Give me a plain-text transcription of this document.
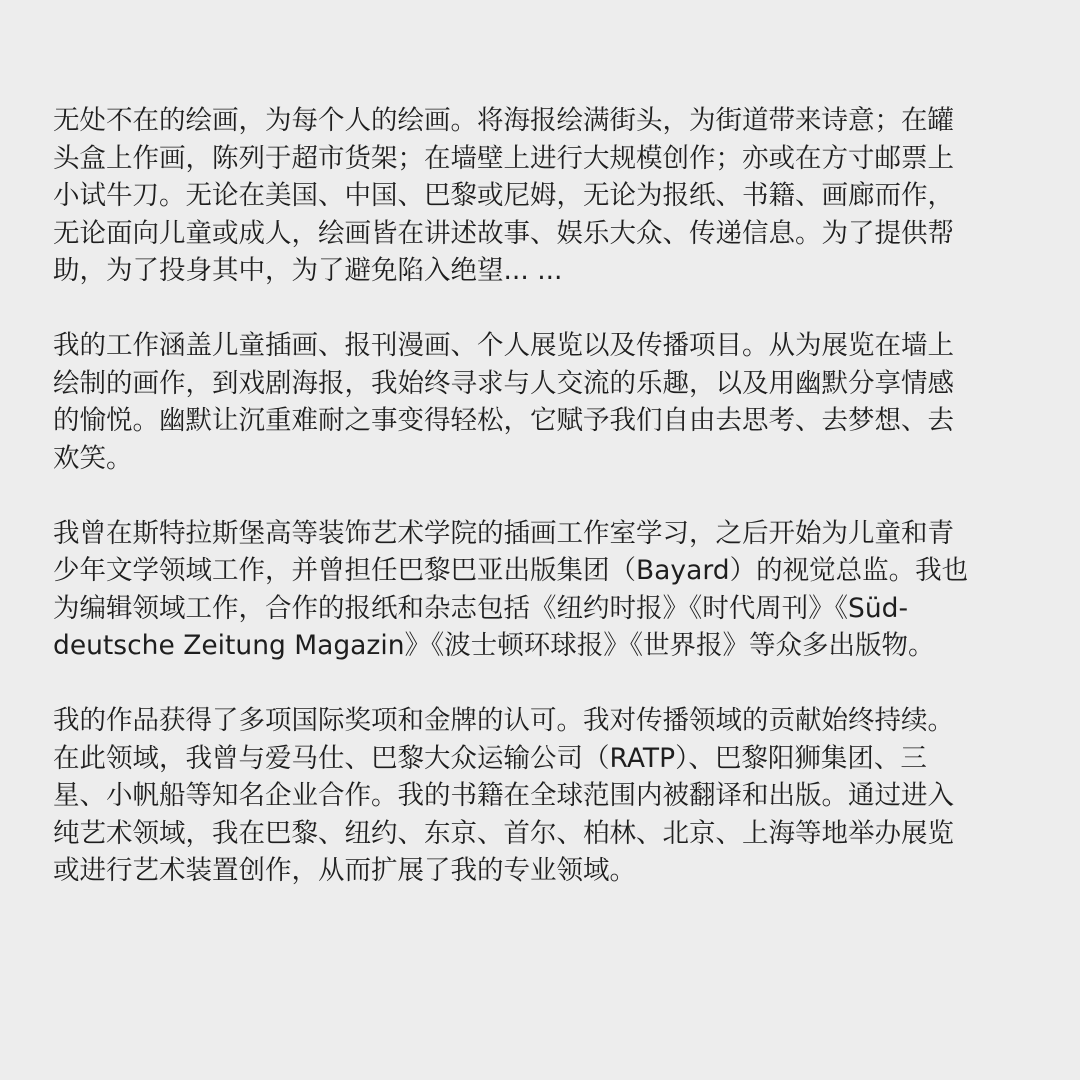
无处不在的绘画，为每个人的绘画。将海报绘满街头，为街道带来诗意；在罐
头盒上作画，陈列于超市货架；在墙壁上进行大规模创作；亦或在方寸邮票上
小试牛刀。无论在美国、中国、巴黎或尼姆，无论为报纸、书籍、画廊而作，
无论面向儿童或成人，绘画皆在讲述故事、娱乐大众、传递信息。为了提供帮
助，为了投身其中，为了避免陷入绝望... ...

我的工作涵盖儿童插画、报刊漫画、个人展览以及传播项目。从为展览在墙上
绘制的画作，到戏剧海报，我始终寻求与人交流的乐趣，以及用幽默分享情感
的愉悦。幽默让沉重难耐之事变得轻松，它赋予我们自由去思考、去梦想、去
欢笑。

我曾在斯特拉斯堡高等装饰艺术学院的插画工作室学习，之后开始为儿童和青
少年文学领域工作，并曾担任巴黎巴亚出版集团（Bayard）的视觉总监。我也
为编辑领域工作，合作的报纸和杂志包括《纽约时报》《时代周刊》《Süd-
deutsche Zeitung Magazin》《波士顿环球报》《世界报》等众多出版物。

我的作品获得了多项国际奖项和金牌的认可。我对传播领域的贡献始终持续。
在此领域，我曾与爱马仕、巴黎大众运输公司（RATP）、巴黎阳狮集团、三
星、小帆船等知名企业合作。我的书籍在全球范围内被翻译和出版。通过进入
纯艺术领域，我在巴黎、纽约、东京、首尔、柏林、北京、上海等地举办展览
或进行艺术装置创作，从而扩展了我的专业领域。
